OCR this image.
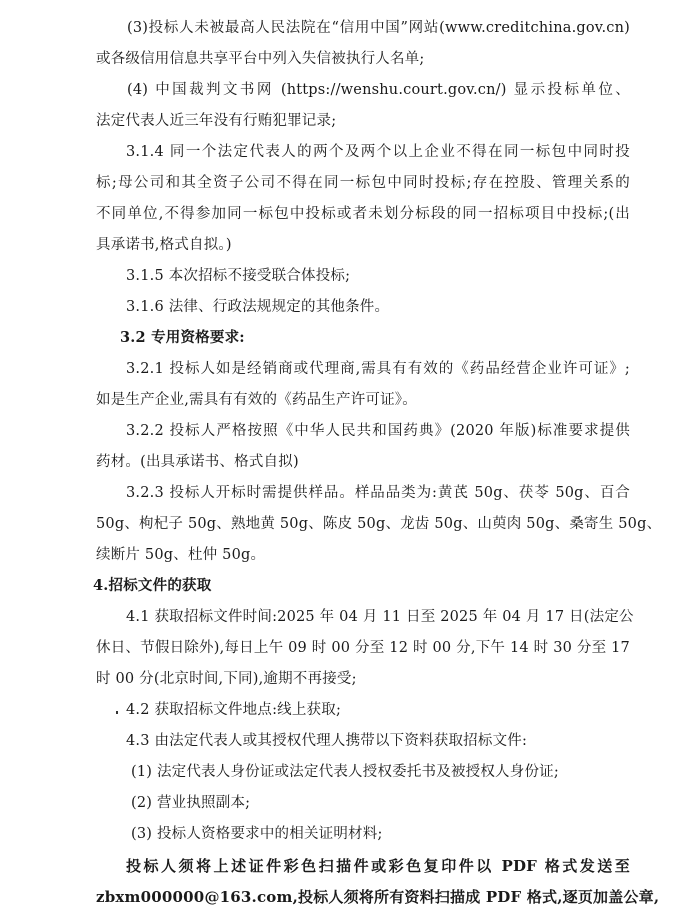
(3)投标人未被最高人民法院在“信用中国”网站(www.creditchina.gov.cn)
或各级信用信息共享平台中列入失信被执行人名单;
(4) 中国裁判文书网 (https://wenshu.court.gov.cn/) 显示投标单位、
法定代表人近三年没有行贿犯罪记录;
3.1.4 同一个法定代表人的两个及两个以上企业不得在同一标包中同时投
标;母公司和其全资子公司不得在同一标包中同时投标;存在控股、管理关系的
不同单位,不得参加同一标包中投标或者未划分标段的同一招标项目中投标;(出
具承诺书,格式自拟。)
3.1.5 本次招标不接受联合体投标;
3.1.6 法律、行政法规规定的其他条件。
3.2 专用资格要求:
3.2.1 投标人如是经销商或代理商,需具有有效的《药品经营企业许可证》;
如是生产企业,需具有有效的《药品生产许可证》。
3.2.2 投标人严格按照《中华人民共和国药典》(2020 年版)标准要求提供
药材。(出具承诺书、格式自拟)
3.2.3 投标人开标时需提供样品。样品品类为:黄芪 50g、茯苓 50g、百合
50g、枸杞子 50g、熟地黄 50g、陈皮 50g、龙齿 50g、山萸肉 50g、桑寄生 50g、
续断片 50g、杜仲 50g。
4.招标文件的获取
4.1 获取招标文件时间:2025 年 04 月 11 日至 2025 年 04 月 17 日(法定公
休日、节假日除外),每日上午 09 时 00 分至 12 时 00 分,下午 14 时 30 分至 17
时 00 分(北京时间,下同),逾期不再接受;
4.2 获取招标文件地点:线上获取;
4.3 由法定代表人或其授权代理人携带以下资料获取招标文件:
(1) 法定代表人身份证或法定代表人授权委托书及被授权人身份证;
(2) 营业执照副本;
(3) 投标人资格要求中的相关证明材料;
投标人须将上述证件彩色扫描件或彩色复印件以 PDF 格式发送至
zbxm000000@163.com,投标人须将所有资料扫描成 PDF 格式,逐页加盖公章,
